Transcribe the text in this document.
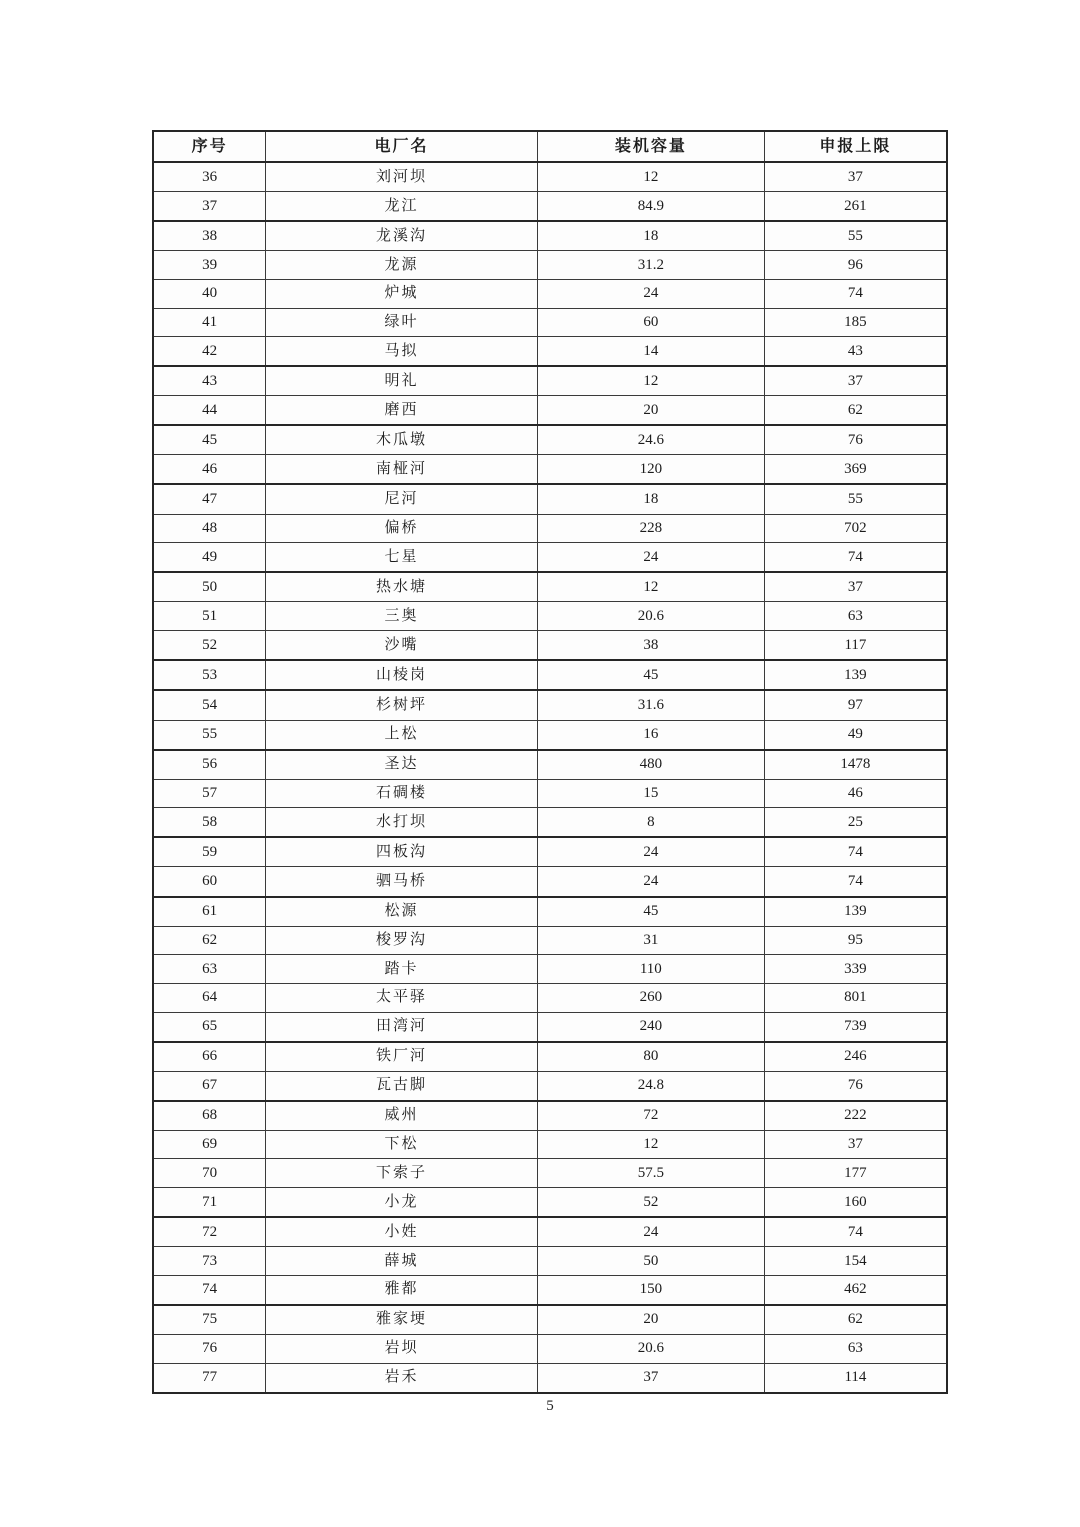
序号	电厂名	装机容量	申报上限
36	刘河坝	12	37
37	龙江	84.9	261
38	龙溪沟	18	55
39	龙源	31.2	96
40	炉城	24	74
41	绿叶	60	185
42	马拟	14	43
43	明礼	12	37
44	磨西	20	62
45	木瓜墩	24.6	76
46	南桠河	120	369
47	尼河	18	55
48	偏桥	228	702
49	七星	24	74
50	热水塘	12	37
51	三奥	20.6	63
52	沙嘴	38	117
53	山棱岗	45	139
54	杉树坪	31.6	97
55	上松	16	49
56	圣达	480	1478
57	石碉楼	15	46
58	水打坝	8	25
59	四板沟	24	74
60	驷马桥	24	74
61	松源	45	139
62	梭罗沟	31	95
63	踏卡	110	339
64	太平驿	260	801
65	田湾河	240	739
66	铁厂河	80	246
67	瓦古脚	24.8	76
68	威州	72	222
69	下松	12	37
70	下索子	57.5	177
71	小龙	52	160
72	小姓	24	74
73	薛城	50	154
74	雅都	150	462
75	雅家埂	20	62
76	岩坝	20.6	63
77	岩禾	37	114
5
